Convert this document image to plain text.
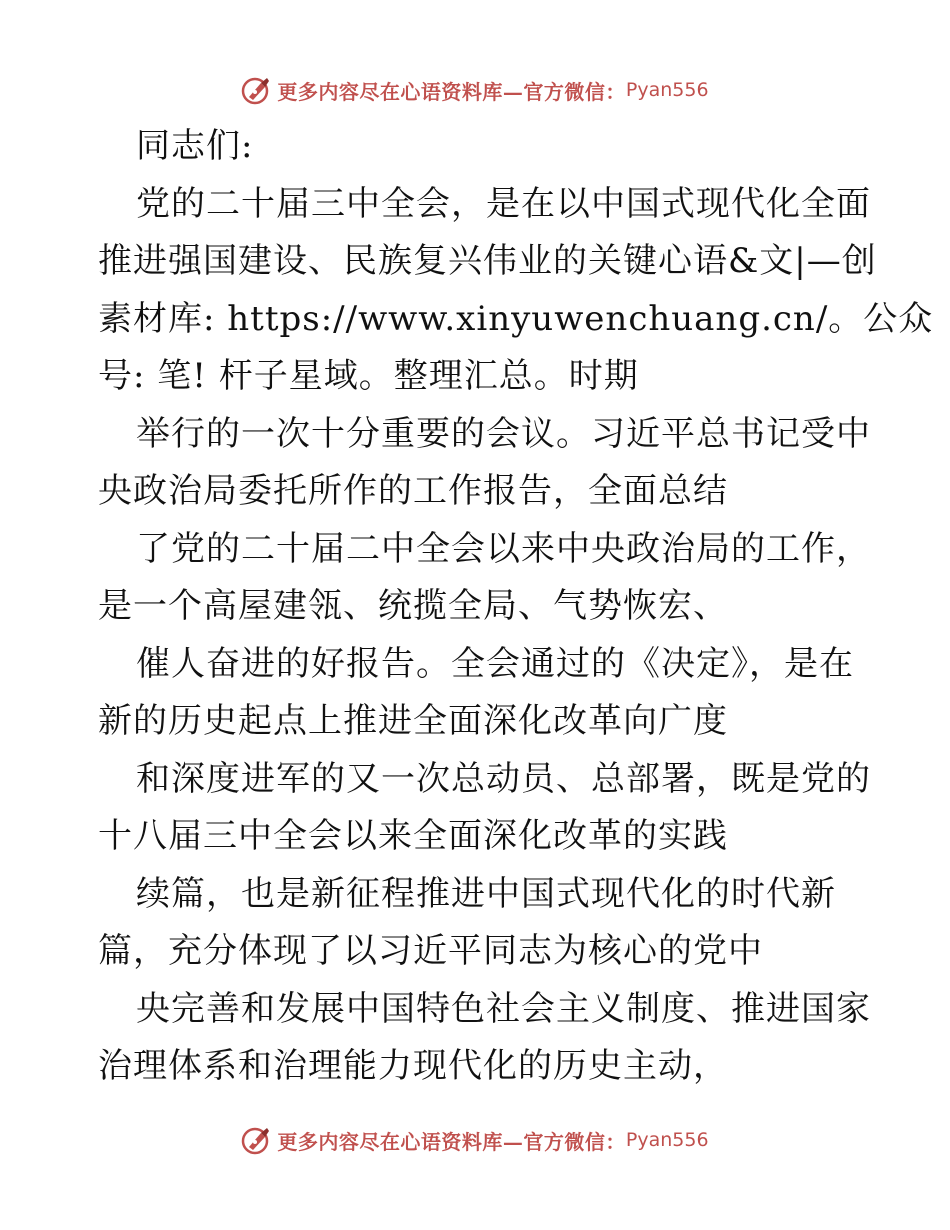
更多内容尽在心语资料库—官方微信： Pyan556
同志们:
党的二十届三中全会，是在以中国式现代化全面
推进强国建设、民族复兴伟业的关键心语&文|—创
素材库: https://www.xinyuwenchuang.cn/。公众
号: 笔! 杆子星域。整理汇总。时期
举行的一次十分重要的会议。习近平总书记受中
央政治局委托所作的工作报告，全面总结
了党的二十届二中全会以来中央政治局的工作，
是一个高屋建瓴、统揽全局、气势恢宏、
催人奋进的好报告。全会通过的《决定》，是在
新的历史起点上推进全面深化改革向广度
和深度进军的又一次总动员、总部署，既是党的
十八届三中全会以来全面深化改革的实践
续篇，也是新征程推进中国式现代化的时代新
篇，充分体现了以习近平同志为核心的党中
央完善和发展中国特色社会主义制度、推进国家
治理体系和治理能力现代化的历史主动，
更多内容尽在心语资料库—官方微信： Pyan556
